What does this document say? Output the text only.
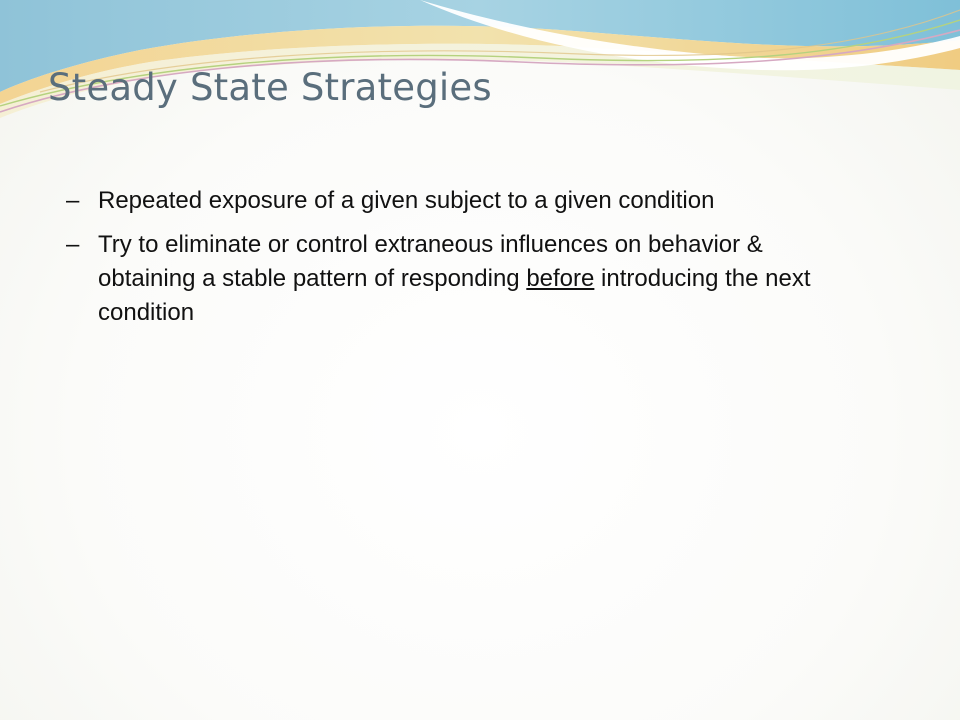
Steady State Strategies
– Repeated exposure of a given subject to a given condition
– Try to eliminate or control extraneous influences on behavior & obtaining a stable pattern of responding before introducing the next condition
